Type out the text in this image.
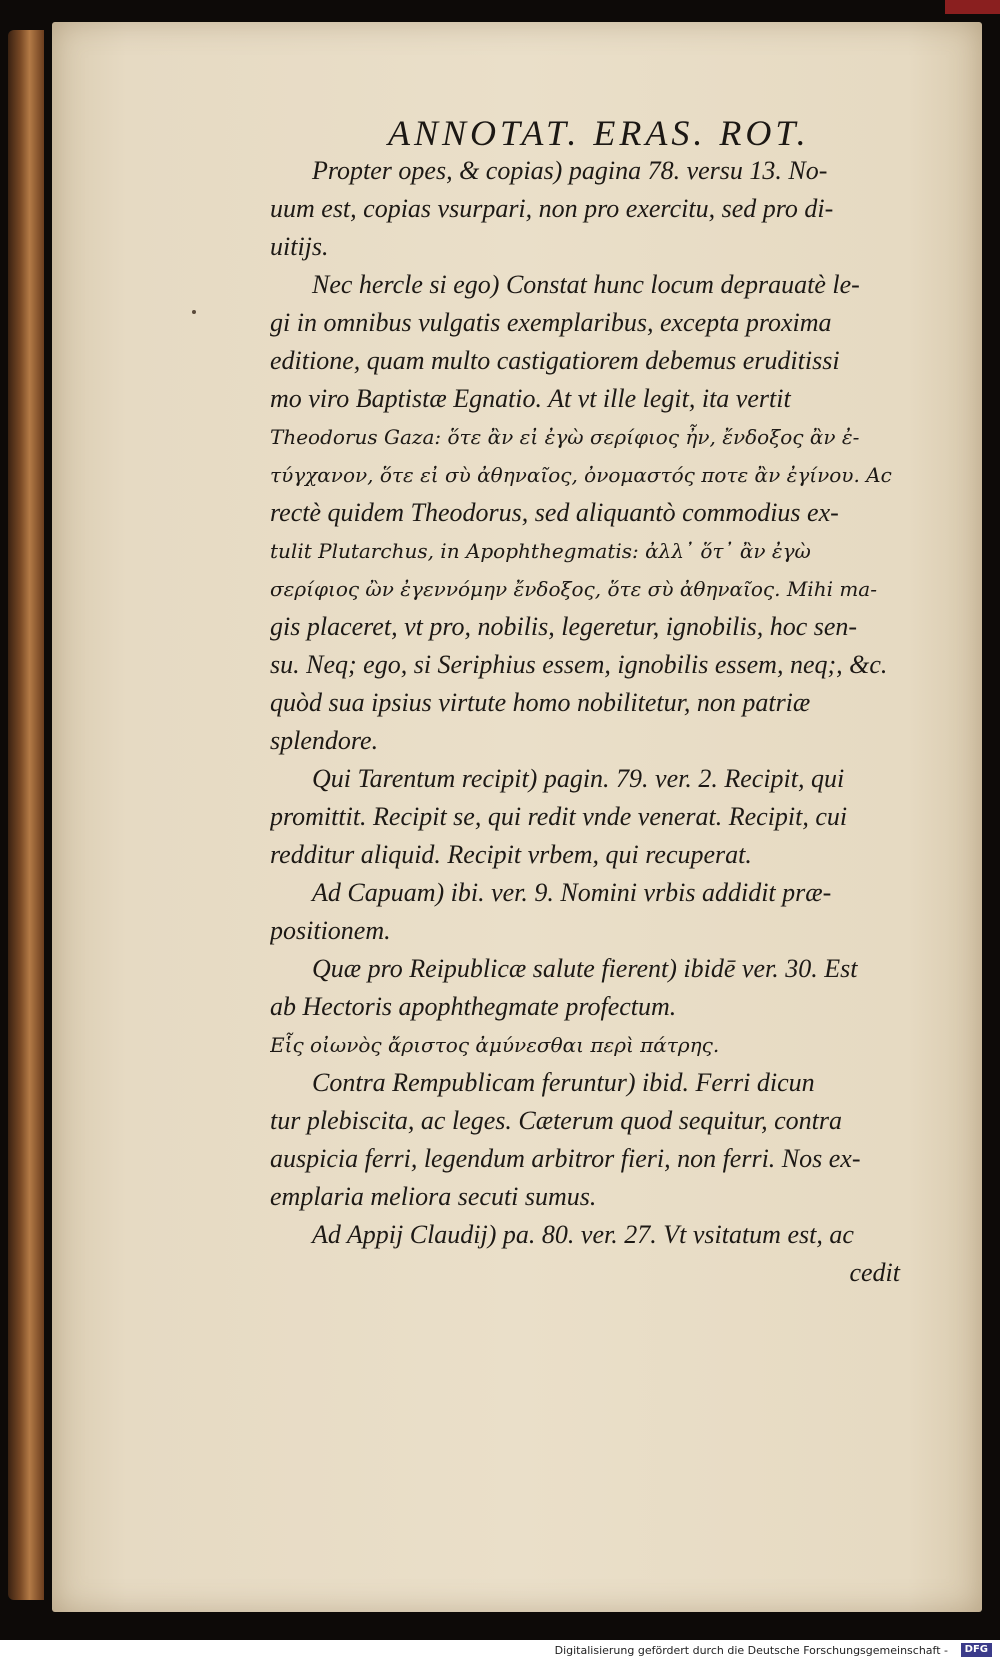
ANNOTAT. ERAS. ROT.
Propter opes, & copias) pagina 78. versu 13. No-
uum est, copias vsurpari, non pro exercitu, sed pro di-
uitijs.
Nec hercle si ego) Constat hunc locum deprauatè le-
gi in omnibus vulgatis exemplaribus, excepta proxima
editione, quam multo castigatiorem debemus eruditissi
mo viro Baptistæ Egnatio. At vt ille legit, ita vertit
Theodorus Gaza: ὅτε ἂν εἰ ἐγὼ σερίφιος ἦν, ἔνδοξος ἂν ἐ-
τύγχανον, ὅτε εἰ σὺ ἀθηναῖος, ὀνομαστός ποτε ἂν ἐγίνου. Ac
rectè quidem Theodorus, sed aliquantò commodius ex-
tulit Plutarchus, in Apophthegmatis: ἀλλ᾽ ὅτ᾽ ἂν ἐγὼ
σερίφιος ὢν ἐγεννόμην ἔνδοξος, ὅτε σὺ ἀθηναῖος. Mihi ma-
gis placeret, vt pro, nobilis, legeretur, ignobilis, hoc sen-
su. Neq; ego, si Seriphius essem, ignobilis essem, neq;, &c.
quòd sua ipsius virtute homo nobilitetur, non patriæ
splendore.
Qui Tarentum recipit) pagin. 79. ver. 2. Recipit, qui
promittit. Recipit se, qui redit vnde venerat. Recipit, cui
redditur aliquid. Recipit vrbem, qui recuperat.
Ad Capuam) ibi. ver. 9. Nomini vrbis addidit præ-
positionem.
Quæ pro Reipublicæ salute fierent) ibidē ver. 30. Est
ab Hectoris apophthegmate profectum.
Εἷς οἰωνὸς ἄριστος ἀμύνεσθαι περὶ πάτρης.
Contra Rempublicam feruntur) ibid. Ferri dicun
tur plebiscita, ac leges. Cæterum quod sequitur, contra
auspicia ferri, legendum arbitror fieri, non ferri. Nos ex-
emplaria meliora secuti sumus.
Ad Appij Claudij) pa. 80. ver. 27. Vt vsitatum est, ac
cedit
Digitalisierung gefördert durch die Deutsche Forschungsgemeinschaft -	DFG
